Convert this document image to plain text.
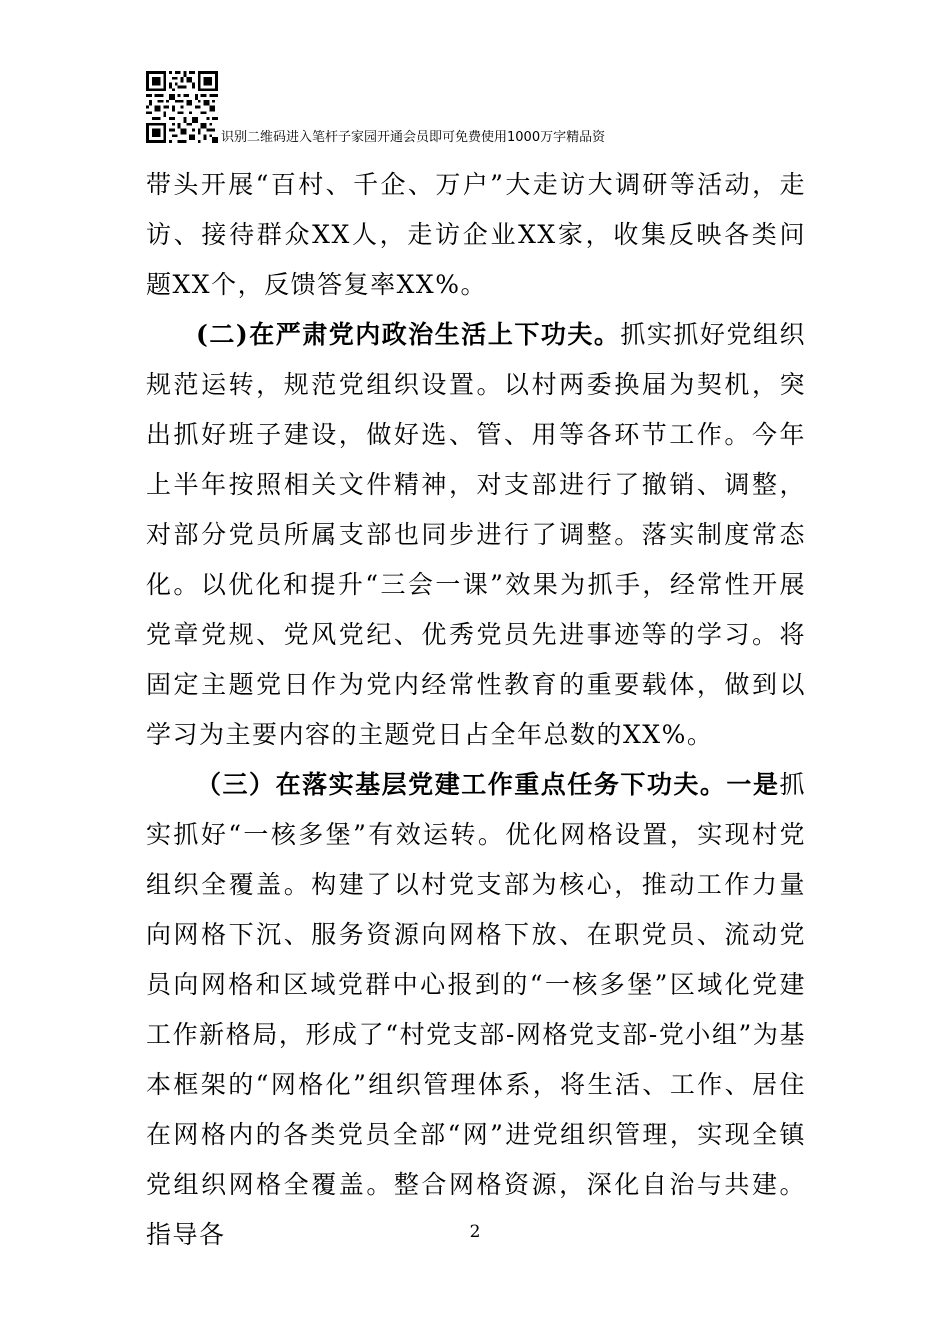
识别二维码进入笔杆子家园开通会员即可免费使用1000万字精品资

带头开展“百村、千企、万户”大走访大调研等活动，走访、接待群众XX人，走访企业XX家，收集反映各类问题XX个，反馈答复率XX%。

(二)在严肃党内政治生活上下功夫。抓实抓好党组织规范运转，规范党组织设置。以村两委换届为契机，突出抓好班子建设，做好选、管、用等各环节工作。今年上半年按照相关文件精神，对支部进行了撤销、调整，对部分党员所属支部也同步进行了调整。落实制度常态化。以优化和提升“三会一课”效果为抓手，经常性开展党章党规、党风党纪、优秀党员先进事迹等的学习。将固定主题党日作为党内经常性教育的重要载体，做到以学习为主要内容的主题党日占全年总数的XX%。

（三）在落实基层党建工作重点任务下功夫。一是抓实抓好“一核多堡”有效运转。优化网格设置，实现村党组织全覆盖。构建了以村党支部为核心，推动工作力量向网格下沉、服务资源向网格下放、在职党员、流动党员向网格和区域党群中心报到的“一核多堡”区域化党建工作新格局，形成了“村党支部-网格党支部-党小组”为基本框架的“网格化”组织管理体系，将生活、工作、居住在网格内的各类党员全部“网”进党组织管理，实现全镇党组织网格全覆盖。整合网格资源，深化自治与共建。指导各	2
